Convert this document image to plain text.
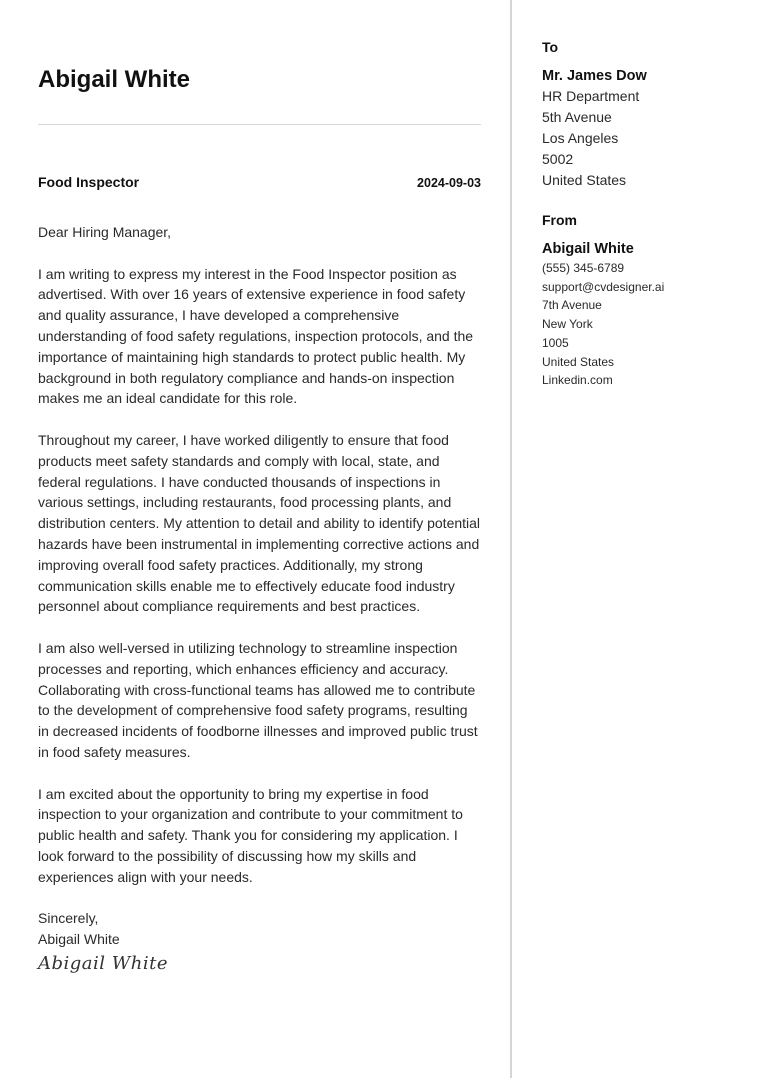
Abigail White
Food Inspector	2024-09-03

Dear Hiring Manager,

I am writing to express my interest in the Food Inspector position as advertised. With over 16 years of extensive experience in food safety and quality assurance, I have developed a comprehensive understanding of food safety regulations, inspection protocols, and the importance of maintaining high standards to protect public health. My background in both regulatory compliance and hands-on inspection makes me an ideal candidate for this role.

Throughout my career, I have worked diligently to ensure that food products meet safety standards and comply with local, state, and federal regulations. I have conducted thousands of inspections in various settings, including restaurants, food processing plants, and distribution centers. My attention to detail and ability to identify potential hazards have been instrumental in implementing corrective actions and improving overall food safety practices. Additionally, my strong communication skills enable me to effectively educate food industry personnel about compliance requirements and best practices.

I am also well-versed in utilizing technology to streamline inspection processes and reporting, which enhances efficiency and accuracy. Collaborating with cross-functional teams has allowed me to contribute to the development of comprehensive food safety programs, resulting in decreased incidents of foodborne illnesses and improved public trust in food safety measures.

I am excited about the opportunity to bring my expertise in food inspection to your organization and contribute to your commitment to public health and safety. Thank you for considering my application. I look forward to the possibility of discussing how my skills and experiences align with your needs.

Sincerely,
Abigail White
Abigail White
To
Mr. James Dow
HR Department
5th Avenue
Los Angeles
5002
United States
From
Abigail White
(555) 345-6789
support@cvdesigner.ai
7th Avenue
New York
1005
United States
Linkedin.com
